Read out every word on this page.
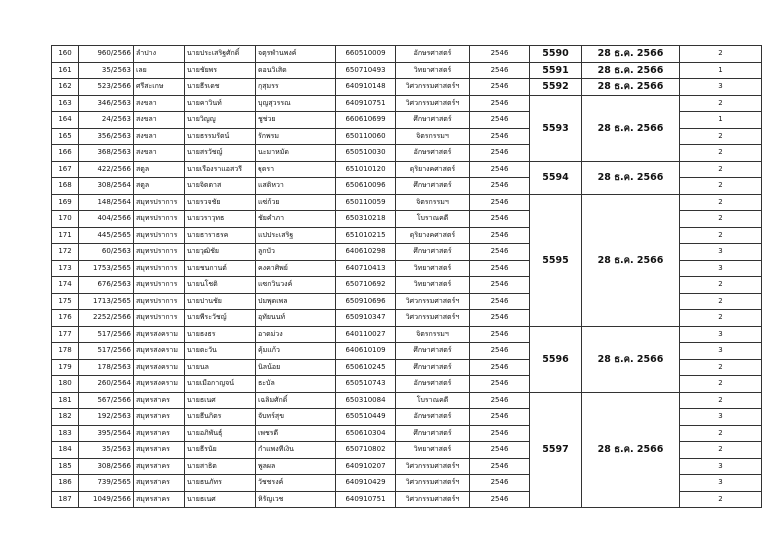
160	960/2566	ลำปาง	นายประเสริฐศักดิ์	จตุรพำนพงค์	660510009	อักษรศาสตร์	2546	5590	28 ธ.ค. 2566	2
161	35/2563	เลย	นายชัยพร	ดอนวิเสิด	650710493	วิทยาศาสตร์	2546	5591	28 ธ.ค. 2566	1
162	523/2566	ศรีสะเกษ	นายธีรเดช	กุสุมรร	640910148	วิศวกรรมศาสตร์ฯ	2546	5592	28 ธ.ค. 2566	3
163	346/2563	สงขลา	นายคาวินท์	บุญสุวรรณ	640910751	วิศวกรรมศาสตร์ฯ	2546	5593	28 ธ.ค. 2566	2
164	24/2563	สงขลา	นายวิญญู	ชูช่วย	660610699	ศึกษาศาสตร์	2546			1
165	356/2563	สงขลา	นายธรรมรัตน์	รักพรม	650110060	จิตรกรรมฯ	2546			2
166	368/2563	สงขลา	นายสรวัชญ์	นะมาหมัด	650510030	อักษรศาสตร์	2546			2
167	422/2566	สตูล	นายเรืองราแอสวรี	ฐุดรา	651010120	ดุริยางคศาสตร์	2546	5594	28 ธ.ค. 2566	2
168	308/2564	สตูล	นายจิตตาส	แสติหวา	650610096	ศึกษาศาสตร์	2546			2
169	148/2564	สมุทรปราการ	นายรวจชัย	แซ่ก้วย	650110059	จิตรกรรมฯ	2546	5595	28 ธ.ค. 2566	2
170	404/2566	สมุทรปราการ	นายวราวุทธ	ชัยคำภา	650310218	โบราณคดี	2546			2
171	445/2565	สมุทรปราการ	นายธาราธรค	แปประเสริฐ	651010215	ดุริยางคศาสตร์	2546			2
172	60/2563	สมุทรปราการ	นายวุฒิชัย	ลูกบัว	640610298	ศึกษาศาสตร์	2546			3
173	1753/2565	สมุทรปราการ	นายชนกานต์	คงคาศิพย์	640710413	วิทยาศาสตร์	2546			3
174	676/2563	สมุทรปราการ	นายนโชติ	แซกวินวงค์	650710692	วิทยาศาสตร์	2546			2
175	1713/2565	สมุทรปราการ	นายปานชัย	ปมพุดเพล	650910696	วิศวกรรมศาสตร์ฯ	2546			2
176	2252/2566	สมุทรปราการ	นายพีระวัชญ์	อุทัยนนท์	650910347	วิศวกรรมศาสตร์ฯ	2546			2
177	517/2566	สมุทรสงคราม	นายธงธร	อาดม่วง	640110027	จิตรกรรมฯ	2546	5596	28 ธ.ค. 2566	3
178	517/2566	สมุทรสงคราม	นายตะวัน	คุ้มแก้ว	640610109	ศึกษาศาสตร์	2546			3
179	178/2563	สมุทรสงคราม	นายนล	นิลน้อย	650610245	ศึกษาศาสตร์	2546			2
180	260/2564	สมุทรสงคราม	นายเมือกาญจน์	ธะบัล	650510743	อักษรศาสตร์	2546			2
181	567/2566	สมุทรสาคร	นายธเนศ	เฉลิมศักดิ์	650310084	โบราณคดี	2546	5597	28 ธ.ค. 2566	2
182	192/2563	สมุทรสาคร	นายธีนกิตร	จับทร์สุข	650510449	อักษรศาสตร์	2546			3
183	395/2564	สมุทรสาคร	นายอภิพันธุ์	เพชรดี	650610304	ศึกษาศาสตร์	2546			2
184	35/2563	สมุทรสาคร	นายธีรนัย	กำแพงทีเงิน	650710802	วิทยาศาสตร์	2546			2
185	308/2566	สมุทรสาคร	นายสาธิต	พูลผล	640910207	วิศวกรรมศาสตร์ฯ	2546			3
186	739/2565	สมุทรสาคร	นายธนภัทร	วัชชรงค์	640910429	วิศวกรรมศาสตร์ฯ	2546			3
187	1049/2566	สมุทรสาคร	นายธเนศ	หิรัญเวช	640910751	วิศวกรรมศาสตร์ฯ	2546			2
